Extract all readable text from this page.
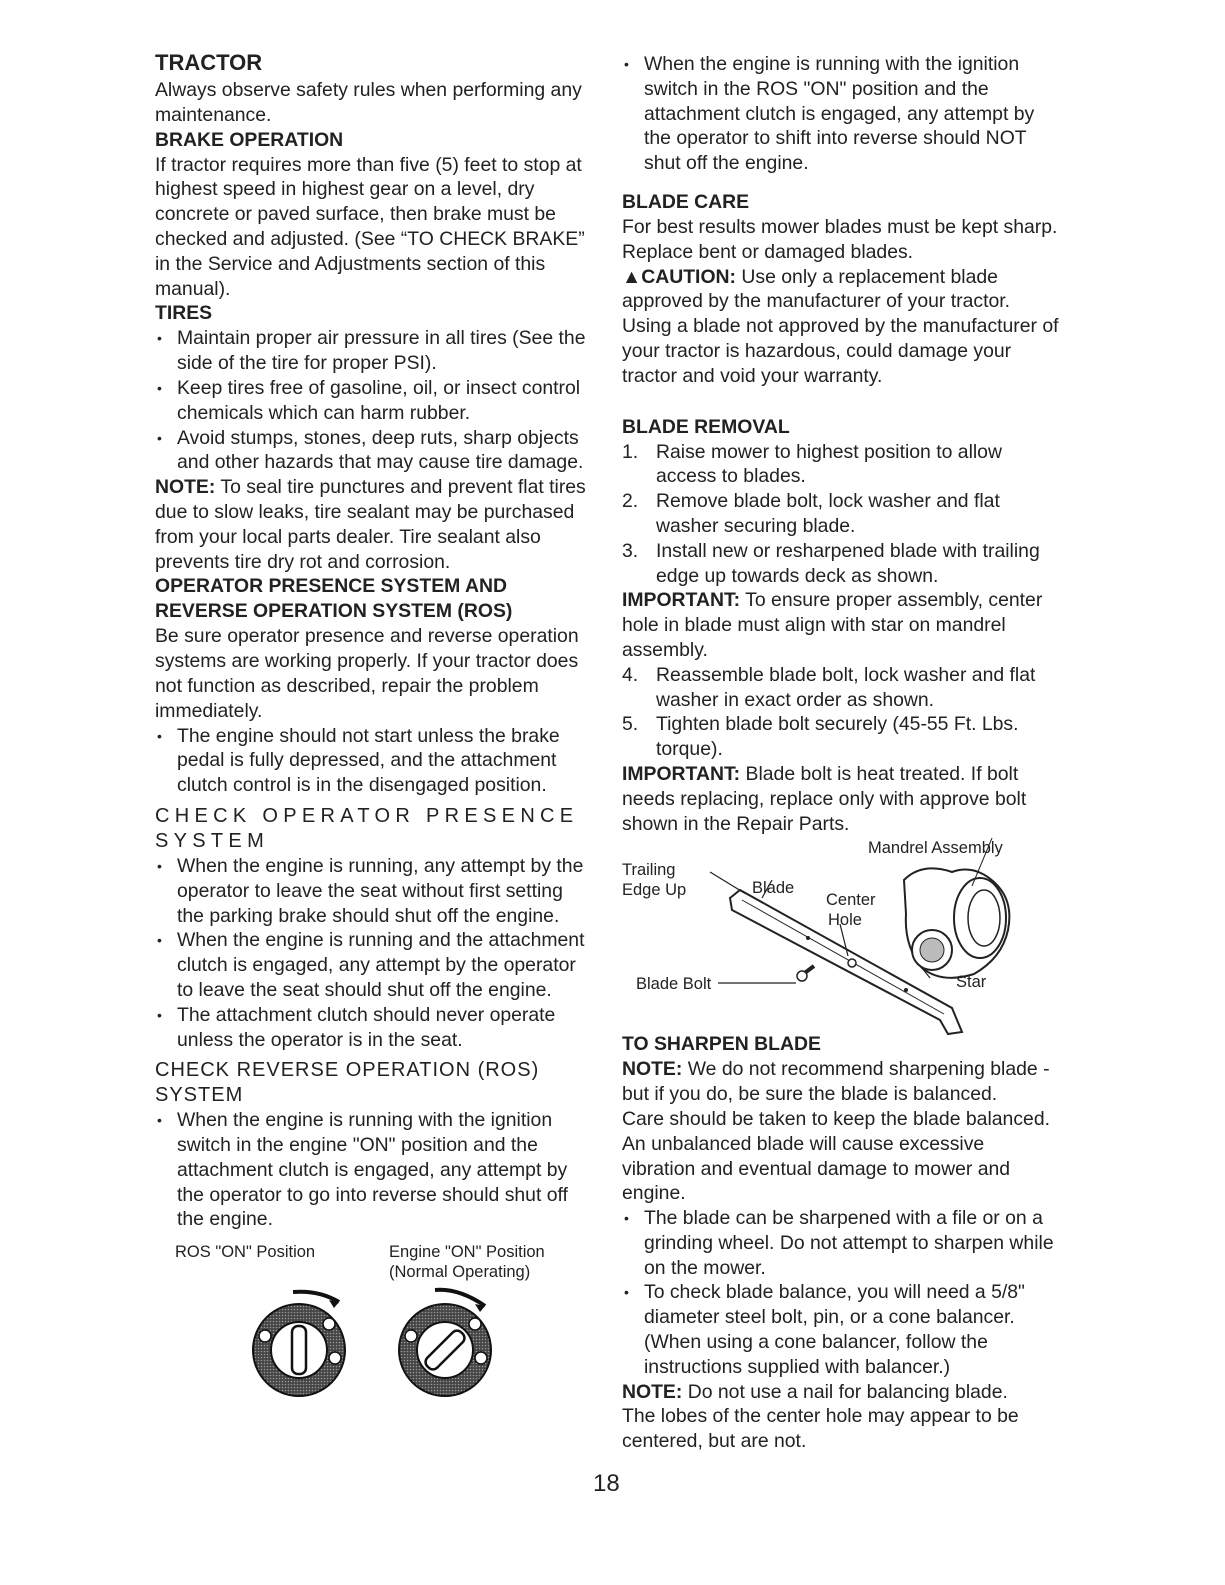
TRACTOR

Always observe safety rules when performing any maintenance.

BRAKE OPERATION

If tractor requires more than five (5) feet to stop at highest speed in highest gear on a level, dry concrete or paved surface, then brake must be checked and adjusted. (See “TO CHECK BRAKE” in the Service and Adjustments section of this manual).

TIRES
• Maintain proper air pressure in all tires (See the side of the tire for proper PSI).
• Keep tires free of gasoline, oil, or insect control chemicals which can harm rubber.
• Avoid stumps, stones, deep ruts, sharp objects and other hazards that may cause tire damage.

NOTE: To seal tire punctures and prevent flat tires due to slow leaks, tire sealant may be purchased from your local parts dealer. Tire sealant also prevents tire dry rot and corrosion.

OPERATOR PRESENCE SYSTEM AND REVERSE OPERATION SYSTEM (ROS)

Be sure operator presence and reverse operation systems are working properly. If your tractor does not function as described, repair the problem immediately.

• The engine should not start unless the brake pedal is fully depressed, and the attachment clutch control is in the disengaged position.
CHECK OPERATOR PRESENCE SYSTEM
• When the engine is running, any attempt by the operator to leave the seat without first setting the parking brake should shut off the engine.
• When the engine is running and the attachment clutch is engaged, any attempt by the operator to leave the seat should shut off the engine.
• The attachment clutch should never operate unless the operator is in the seat.
CHECK REVERSE OPERATION (ROS) SYSTEM
• When the engine is running with the ignition switch in the engine "ON" position and the attachment clutch is engaged, any attempt by the operator to go into reverse should shut off the engine.
ROS "ON" Position	Engine "ON" Position
(Normal Operating)
• When the engine is running with the ignition switch in the ROS "ON" position and the attachment clutch is engaged, any attempt by the operator to shift into reverse should NOT shut off the engine.
BLADE CARE

For best results mower blades must be kept sharp. Replace bent or damaged blades.

▲CAUTION: Use only a replacement blade approved by the manufacturer of your tractor. Using a blade not approved by the manufacturer of your tractor is hazardous, could damage your tractor and void your warranty.

BLADE REMOVAL
1. Raise mower to highest position to allow access to blades.
2. Remove blade bolt, lock washer and flat washer securing blade.
3. Install new or resharpened blade with trailing edge up towards deck as shown.

IMPORTANT: To ensure proper assembly, center hole in blade must align with star on mandrel assembly.

4. Reassemble blade bolt, lock washer and flat washer in exact order as shown.
5. Tighten blade bolt securely (45-55 Ft. Lbs. torque).

IMPORTANT: Blade bolt is heat treated. If bolt needs replacing, replace only with approve bolt shown in the Repair Parts.

Mandrel Assembly
Trailing
Edge Up	Blade
Center
Hole
Blade Bolt	Star
TO SHARPEN BLADE

NOTE: We do not recommend sharpening blade - but if you do, be sure the blade is balanced.

Care should be taken to keep the blade balanced. An unbalanced blade will cause excessive vibration and eventual damage to mower and engine.

• The blade can be sharpened with a file or on a grinding wheel. Do not attempt to sharpen while on the mower.
• To check blade balance, you will need a 5/8" diameter steel bolt, pin, or a cone balancer. (When using a cone balancer, follow the instructions supplied with balancer.)

NOTE: Do not use a nail for balancing blade.

The lobes of the center hole may appear to be centered, but are not.

18
